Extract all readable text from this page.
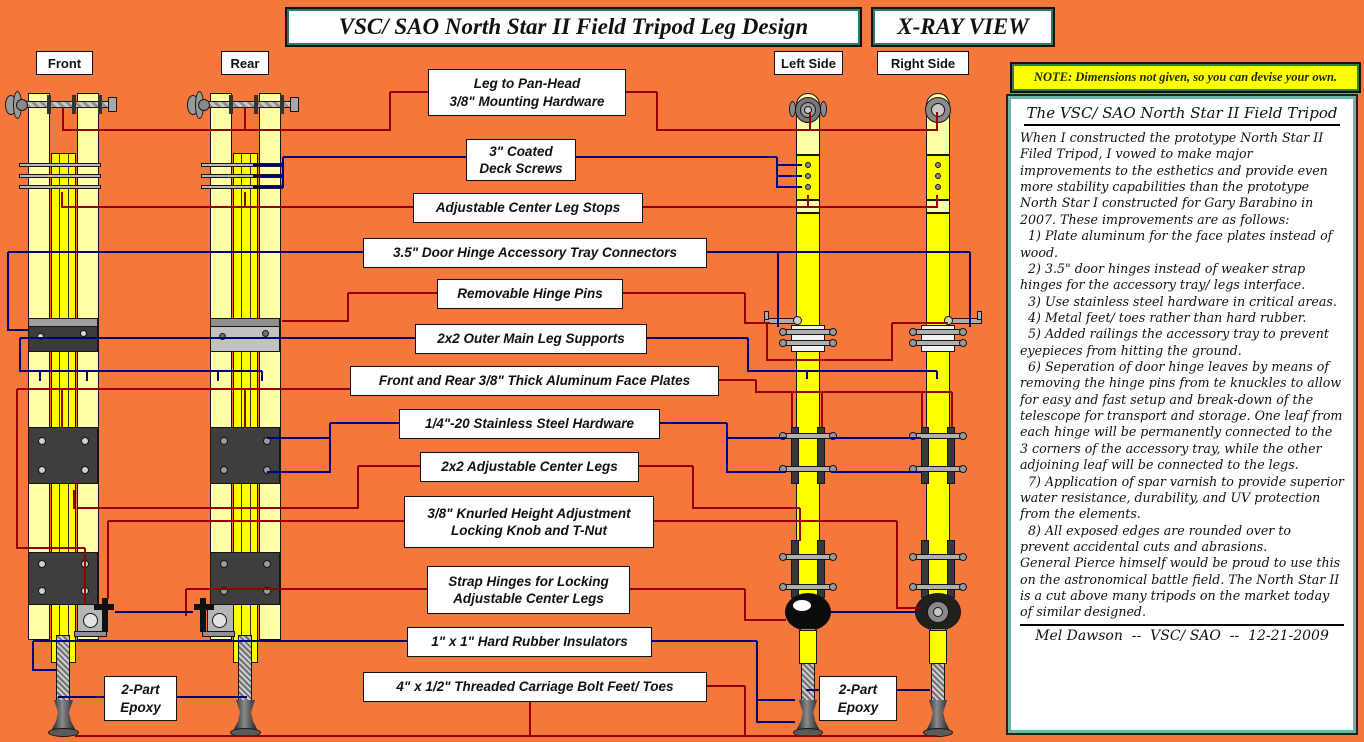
VSC/ SAO North Star II Field Tripod Leg Design	X-RAY VIEW
Front	Rear	Left Side	Right Side
NOTE: Dimensions not given, so you can devise your own.
The VSC/ SAO North Star II Field Tripod
When I constructed the prototype North Star II Filed Tripod, I vowed to make major improvements to the esthetics and provide even more stability capabilities than the prototype North Star I constructed for Gary Barabino in 2007. These improvements are as follows:
1) Plate aluminum for the face plates instead of wood.
2) 3.5" door hinges instead of weaker strap hinges for the accessory tray/ legs interface.
3) Use stainless steel hardware in critical areas.
4) Metal feet/ toes rather than hard rubber.
5) Added railings the accessory tray to prevent eyepieces from hitting the ground.
6) Seperation of door hinge leaves by means of removing the hinge pins from te knuckles to allow for easy and fast setup and break-down of the telescope for transport and storage. One leaf from each hinge will be permanently connected to the 3 corners of the accessory tray, while the other adjoining leaf will be connected to the legs.
7) Application of spar varnish to provide superior water resistance, durability, and UV protection from the elements.
8) All exposed edges are rounded over to prevent accidental cuts and abrasions.
General Pierce himself would be proud to use this on the astronomical battle field. The North Star II is a cut above many tripods on the market today of similar designed.
Mel Dawson  --  VSC/ SAO  --  12-21-2009
Leg to Pan-Head
3/8" Mounting Hardware
3" Coated
Deck Screws
Adjustable Center Leg Stops
3.5" Door Hinge Accessory Tray Connectors
Removable Hinge Pins
2x2 Outer Main Leg Supports
Front and Rear 3/8" Thick Aluminum Face Plates
1/4"-20 Stainless Steel Hardware
2x2 Adjustable Center Legs
3/8" Knurled Height Adjustment
Locking Knob and T-Nut
Strap Hinges for Locking
Adjustable Center Legs
1" x 1" Hard Rubber Insulators
4" x 1/2" Threaded Carriage Bolt Feet/ Toes
2-Part
Epoxy
2-Part
Epoxy
